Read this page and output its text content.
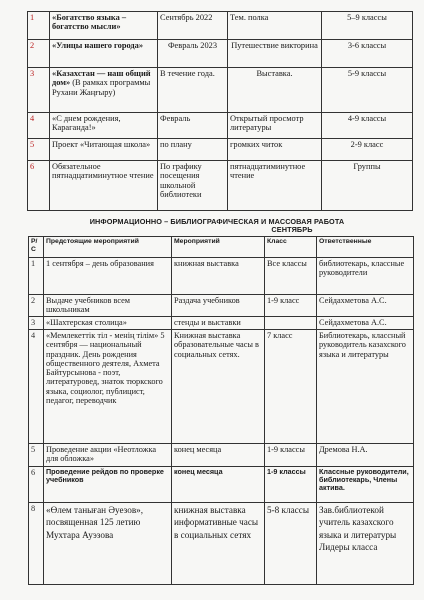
1	«Богатство языка – богатство мысли»	Сентябрь 2022	Тем. полка	5–9 классы
2	«Улицы нашего города»	Февраль 2023	Путешествие викторина	3-6 классы
3	«Казахстан — наш общий дом» (В рамках программы Рухани Жаңғыру)	В течение года.	Выставка.	5-9 классы
4	«С днем рождения, Караганда!»	Февраль	Открытый просмотр литературы	4-9 классы
5	Проект «Читающая школа»	по плану	громких читок	2-9 класс
6	Обязательное пятнадцатиминутное чтение	По графику посещения школьной библиотеки	пятнадцатиминутное чтение	Группы
ИНФОРМАЦИОННО – БИБЛИОГРАФИЧЕСКАЯ И МАССОВАЯ РАБОТА
СЕНТЯБРЬ
Р/С	Предстоящие мероприятий	Мероприятий	Класс	Ответственные
1	1 сентября – день образования	книжная выставка	Все классы	библиотекарь, классные руководители
2	Выдаче учебников всем школьникам	Раздача учебников	1-9 класс	Сейдахметова А.С.
3	«Шахтерская столица»	стенды и выставки		Сейдахметова А.С.
4	«Мемлекеттік тіл - менің тілім» 5 сентября — национальный праздник. День рождения общественного деятеля, Ахмета Байтурсынова - поэт, литературовед, знаток тюркского языка, социолог, публицист, педагог, переводчик	Книжная выставка образовательные часы в социальных сетях.	7 класс	Библиотекарь, классный руководитель казахского языка и литературы
5	Проведение акции «Неотложка для обложка»	конец месяца	1-9 классы	Дремова Н.А.
6	Проведение рейдов по проверке учебников	конец месяца	1-9 классы	Классные руководители, библиотекарь, Члены актива.
8	«Өлем таныған Әуезов», посвященная 125 летию Мухтара Ауэзова	книжная выставка информативные часы в социальных сетях	5-8 классы	Зав.библиотекой учитель казахского языка и литературы Лидеры класса
